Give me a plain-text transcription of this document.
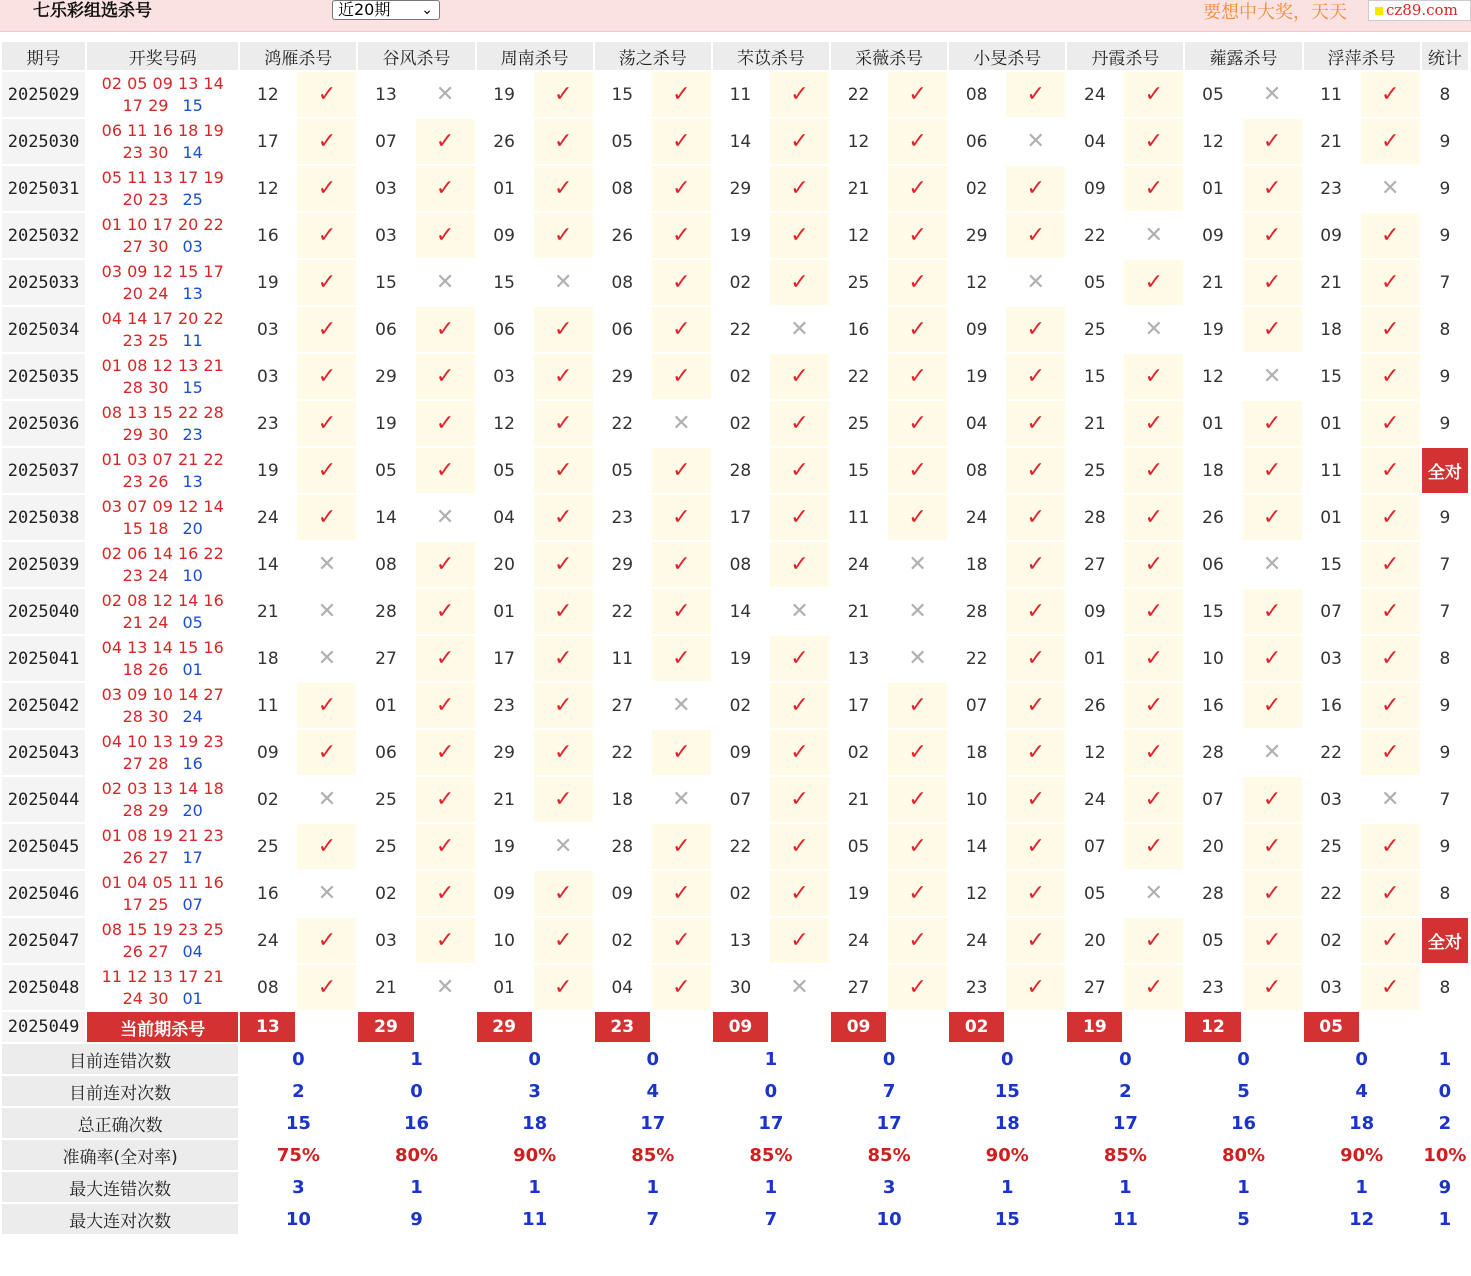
七乐彩组选杀号	近20期 ⌄	要想中大奖，天天	cz89.com
期号	开奖号码	鸿雁杀号		谷风杀号		周南杀号		荡之杀号		芣苡杀号		采薇杀号		小旻杀号		丹霞杀号		蕹露杀号		浮萍杀号		统计
2025029	02 05 09 13 14
17 29 15	12	✓	13	✕	19	✓	15	✓	11	✓	22	✓	08	✓	24	✓	05	✕	11	✓	8
2025030	06 11 16 18 19
23 30 14	17	✓	07	✓	26	✓	05	✓	14	✓	12	✓	06	✕	04	✓	12	✓	21	✓	9
2025031	05 11 13 17 19
20 23 25	12	✓	03	✓	01	✓	08	✓	29	✓	21	✓	02	✓	09	✓	01	✓	23	✕	9
2025032	01 10 17 20 22
27 30 03	16	✓	03	✓	09	✓	26	✓	19	✓	12	✓	29	✓	22	✕	09	✓	09	✓	9
2025033	03 09 12 15 17
20 24 13	19	✓	15	✕	15	✕	08	✓	02	✓	25	✓	12	✕	05	✓	21	✓	21	✓	7
2025034	04 14 17 20 22
23 25 11	03	✓	06	✓	06	✓	06	✓	22	✕	16	✓	09	✓	25	✕	19	✓	18	✓	8
2025035	01 08 12 13 21
28 30 15	03	✓	29	✓	03	✓	29	✓	02	✓	22	✓	19	✓	15	✓	12	✕	15	✓	9
2025036	08 13 15 22 28
29 30 23	23	✓	19	✓	12	✓	22	✕	02	✓	25	✓	04	✓	21	✓	01	✓	01	✓	9
2025037	01 03 07 21 22
23 26 13	19	✓	05	✓	05	✓	05	✓	28	✓	15	✓	08	✓	25	✓	18	✓	11	✓	全对
2025038	03 07 09 12 14
15 18 20	24	✓	14	✕	04	✓	23	✓	17	✓	11	✓	24	✓	28	✓	26	✓	01	✓	9
2025039	02 06 14 16 22
23 24 10	14	✕	08	✓	20	✓	29	✓	08	✓	24	✕	18	✓	27	✓	06	✕	15	✓	7
2025040	02 08 12 14 16
21 24 05	21	✕	28	✓	01	✓	22	✓	14	✕	21	✕	28	✓	09	✓	15	✓	07	✓	7
2025041	04 13 14 15 16
18 26 01	18	✕	27	✓	17	✓	11	✓	19	✓	13	✕	22	✓	01	✓	10	✓	03	✓	8
2025042	03 09 10 14 27
28 30 24	11	✓	01	✓	23	✓	27	✕	02	✓	17	✓	07	✓	26	✓	16	✓	16	✓	9
2025043	04 10 13 19 23
27 28 16	09	✓	06	✓	29	✓	22	✓	09	✓	02	✓	18	✓	12	✓	28	✕	22	✓	9
2025044	02 03 13 14 18
28 29 20	02	✕	25	✓	21	✓	18	✕	07	✓	21	✓	10	✓	24	✓	07	✓	03	✕	7
2025045	01 08 19 21 23
26 27 17	25	✓	25	✓	19	✕	28	✓	22	✓	05	✓	14	✓	07	✓	20	✓	25	✓	9
2025046	01 04 05 11 16
17 25 07	16	✕	02	✓	09	✓	09	✓	02	✓	19	✓	12	✓	05	✕	28	✓	22	✓	8
2025047	08 15 19 23 25
26 27 04	24	✓	03	✓	10	✓	02	✓	13	✓	24	✓	24	✓	20	✓	05	✓	02	✓	全对
2025048	11 12 13 17 21
24 30 01	08	✓	21	✕	01	✓	04	✓	30	✕	27	✓	23	✓	27	✓	23	✓	03	✓	8
2025049	当前期杀号	13		29		29		23		09		09		02		19		12		05		
目前连错次数		0		1		0		0		1		0		0		0		0		0		1
目前连对次数		2		0		3		4		0		7		15		2		5		4		0
总正确次数		15		16		18		17		17		17		18		17		16		18		2
准确率(全对率)		75%		80%		90%		85%		85%		85%		90%		85%		80%		90%		10%
最大连错次数		3		1		1		1		1		3		1		1		1		1		9
最大连对次数		10		9		11		7		7		10		15		11		5		12		1
